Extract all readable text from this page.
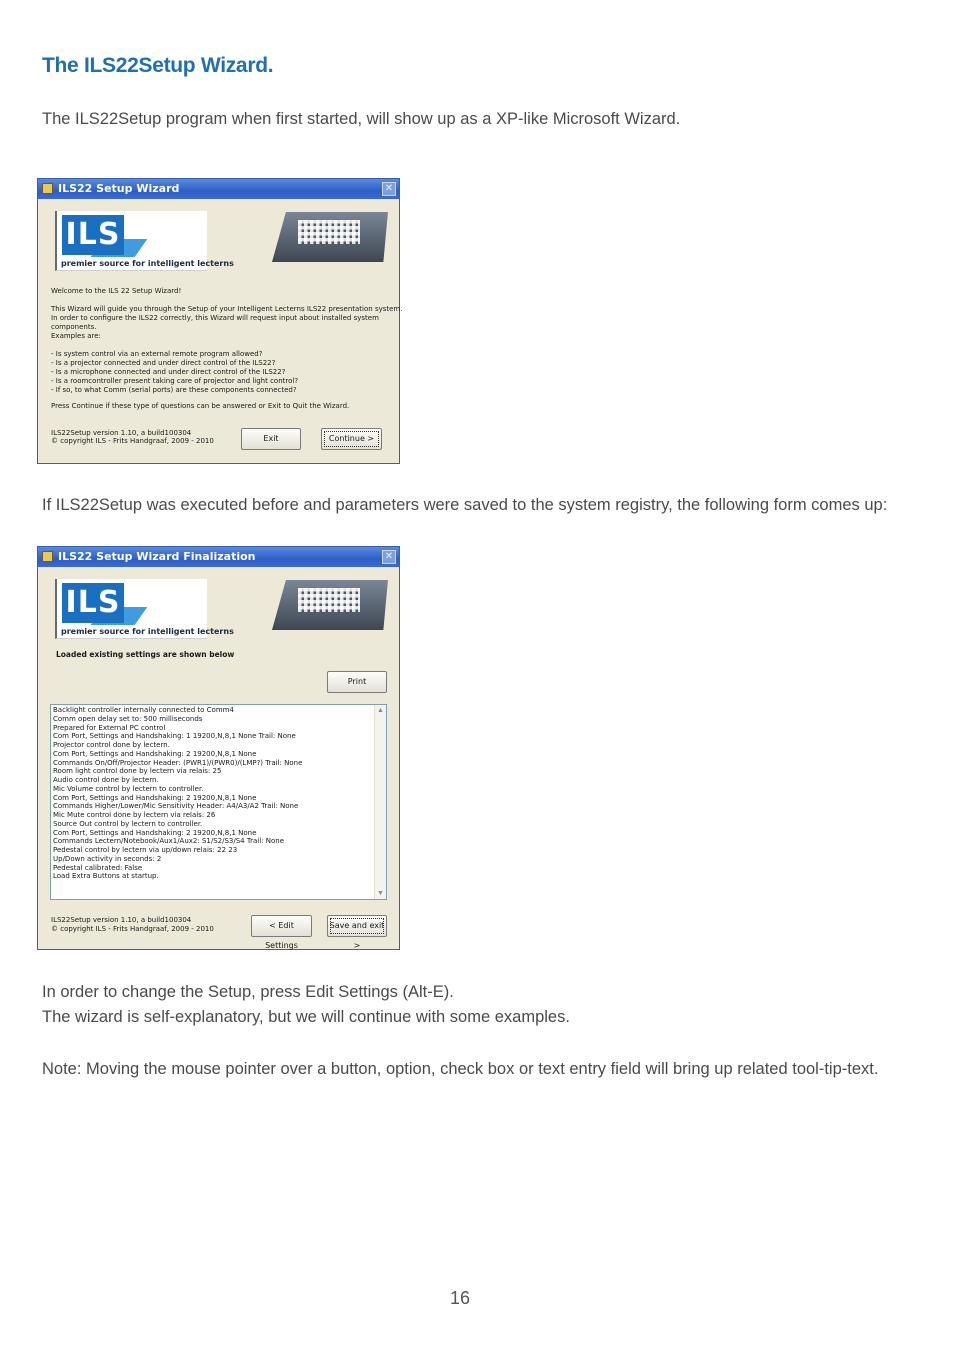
The ILS22Setup Wizard.
The ILS22Setup program when first started, will show up as a XP-like Microsoft Wizard.
ILS22 Setup Wizard	✕
ILS
premier source for intelligent lecterns
Welcome to the ILS 22 Setup Wizard!
This Wizard will guide you through the Setup of your Intelligent Lecterns ILS22 presentation system.
In order to configure the ILS22 correctly, this Wizard will request input about installed system
components.
Examples are:
- Is system control via an external remote program allowed?
- Is a projector connected and under direct control of the ILS22?
- Is a microphone connected and under direct control of the ILS22?
- Is a roomcontroller present taking care of projector and light control?
- If so, to what Comm (serial ports) are these components connected?
Press Continue if these type of questions can be answered or Exit to Quit the Wizard.
ILS22Setup version 1.10, a build100304
© copyright ILS - Frits Handgraaf, 2009 - 2010	Exit	Continue >
If ILS22Setup was executed before and parameters were saved to the system registry, the following form comes up:
ILS22 Setup Wizard Finalization	✕
ILS
premier source for intelligent lecterns
Loaded existing settings are shown below
Print
Backlight controller internally connected to Comm4
Comm open delay set to: 500 milliseconds
Prepared for External PC control
Com Port, Settings and Handshaking: 1 19200,N,8,1 None Trail: None
Projector control done by lectern.
Com Port, Settings and Handshaking: 2 19200,N,8,1 None
Commands On/Off/Projector Header: (PWR1)/(PWR0)/(LMP?) Trail: None
Room light control done by lectern via relais: 25
Audio control done by lectern.
Mic Volume control by lectern to controller.
Com Port, Settings and Handshaking: 2 19200,N,8,1 None
Commands Higher/Lower/Mic Sensitivity Header: A4/A3/A2 Trail: None
Mic Mute control done by lectern via relais: 26
Source Out control by lectern to controller.
Com Port, Settings and Handshaking: 2 19200,N,8,1 None
Commands Lectern/Notebook/Aux1/Aux2: S1/S2/S3/S4 Trail: None
Pedestal control by lectern via up/down relais: 22 23
Up/Down activity in seconds: 2
Pedestal calibrated: False
Load Extra Buttons at startup.
▲
▼
ILS22Setup version 1.10, a build100304
© copyright ILS - Frits Handgraaf, 2009 - 2010	< Edit Settings
Save and exit >
In order to change the Setup, press Edit Settings (Alt-E).
The wizard is self-explanatory, but we will continue with some examples.
Note: Moving the mouse pointer over a button, option, check box or text entry field will bring up related tool-tip-text.
16
